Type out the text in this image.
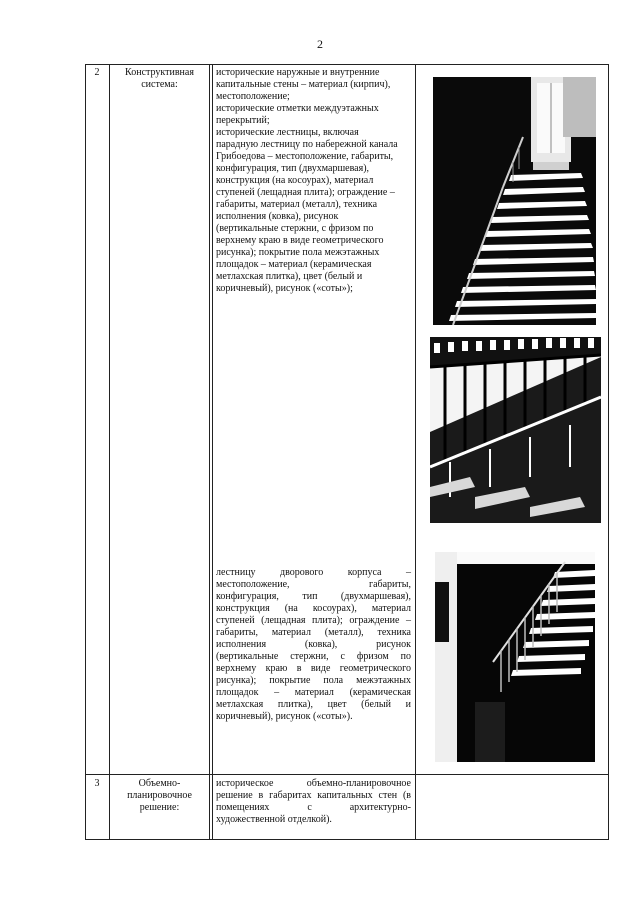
2
2	Конструктивная
система:
исторические наружные и внутренние
капитальные стены – материал (кирпич),
местоположение;
исторические отметки междуэтажных
перекрытий;
исторические лестницы, включая
парадную лестницу по набережной канала
Грибоедова – местоположение, габариты,
конфигурация, тип (двухмаршевая),
конструкция (на косоурах), материал
ступеней (лещадная плита); ограждение –
габариты, материал (металл), техника
исполнения (ковка), рисунок
(вертикальные стержни, с фризом по
верхнему краю в виде геометрического
рисунка); покрытие пола межэтажных
площадок – материал (керамическая
метлахская плитка), цвет (белый и
коричневый), рисунок («соты»);
лестницу дворового корпуса –
местоположение, габариты,
конфигурация, тип (двухмаршевая),
конструкция (на косоурах), материал
ступеней (лещадная плита); ограждение –
габариты, материал (металл), техника
исполнения (ковка), рисунок
(вертикальные стержни, с фризом по
верхнему краю в виде геометрического
рисунка); покрытие пола межэтажных
площадок – материал (керамическая
метлахская плитка), цвет (белый и
коричневый), рисунок («соты»).
3	Объемно-
планировочное
решение:
историческое объемно-планировочное
решение в габаритах капитальных стен (в
помещениях с архитектурно-
художественной отделкой).
